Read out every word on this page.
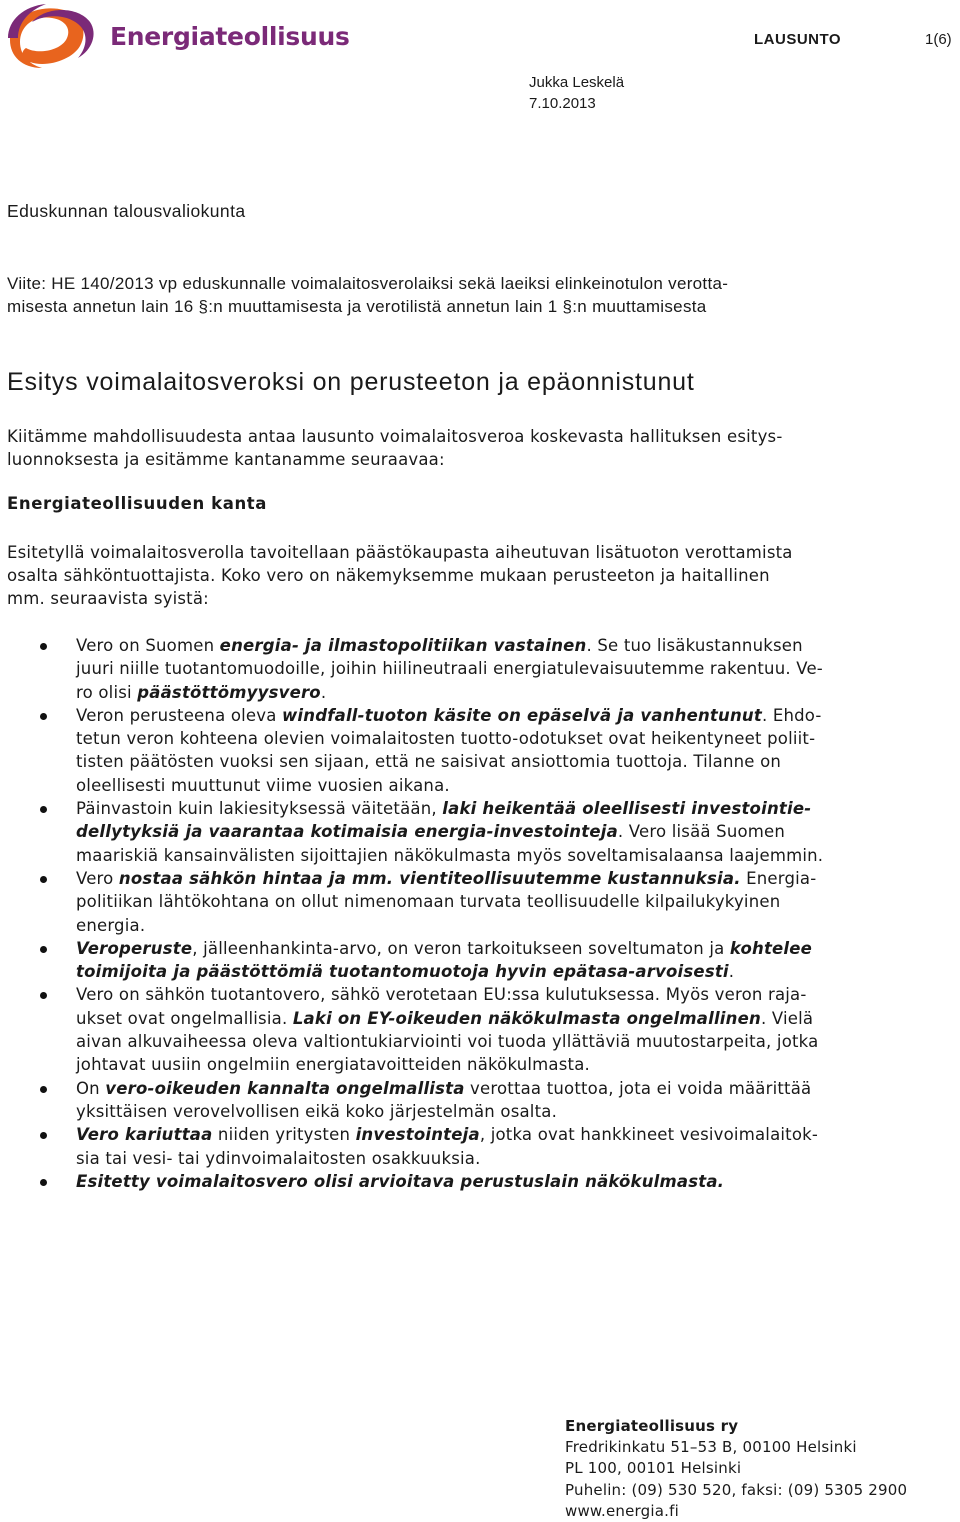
Energiateollisuus	LAUSUNTO	1(6)
Jukka Leskelä
7.10.2013
Eduskunnan talousvaliokunta

Viite: HE 140/2013 vp eduskunnalle voimalaitosverolaiksi sekä laeiksi elinkeinotulon verotta-

misesta annetun lain 16 §:n muuttamisesta ja verotilistä annetun lain 1 §:n muuttamisesta

Esitys voimalaitosveroksi on perusteeton ja epäonnistunut

Kiitämme mahdollisuudesta antaa lausunto voimalaitosveroa koskevasta hallituksen esitys-

luonnoksesta ja esitämme kantanamme seuraavaa:

Energiateollisuuden kanta

Esitetyllä voimalaitosverolla tavoitellaan päästökaupasta aiheutuvan lisätuoton verottamista

osalta sähköntuottajista. Koko vero on näkemyksemme mukaan perusteeton ja haitallinen

mm. seuraavista syistä:

Vero on Suomen energia- ja ilmastopolitiikan vastainen. Se tuo lisäkustannuksen
juuri niille tuotantomuodoille, joihin hiilineutraali energiatulevaisuutemme rakentuu. Ve-
ro olisi päästöttömyysvero.
Veron perusteena oleva windfall-tuoton käsite on epäselvä ja vanhentunut. Ehdo-
tetun veron kohteena olevien voimalaitosten tuotto-odotukset ovat heikentyneet poliit-
tisten päätösten vuoksi sen sijaan, että ne saisivat ansiottomia tuottoja. Tilanne on
oleellisesti muuttunut viime vuosien aikana.
Päinvastoin kuin lakiesityksessä väitetään, laki heikentää oleellisesti investointie-
dellytyksiä ja vaarantaa kotimaisia energia-investointeja. Vero lisää Suomen
maariskiä kansainvälisten sijoittajien näkökulmasta myös soveltamisalaansa laajemmin.
Vero nostaa sähkön hintaa ja mm. vientiteollisuutemme kustannuksia. Energia-
politiikan lähtökohtana on ollut nimenomaan turvata teollisuudelle kilpailukykyinen
energia.
Veroperuste, jälleenhankinta-arvo, on veron tarkoitukseen soveltumaton ja kohtelee
toimijoita ja päästöttömiä tuotantomuotoja hyvin epätasa-arvoisesti.
Vero on sähkön tuotantovero, sähkö verotetaan EU:ssa kulutuksessa. Myös veron raja-
ukset ovat ongelmallisia. Laki on EY-oikeuden näkökulmasta ongelmallinen. Vielä
aivan alkuvaiheessa oleva valtiontukiarviointi voi tuoda yllättäviä muutostarpeita, jotka
johtavat uusiin ongelmiin energiatavoitteiden näkökulmasta.
On vero-oikeuden kannalta ongelmallista verottaa tuottoa, jota ei voida määrittää
yksittäisen verovelvollisen eikä koko järjestelmän osalta.
Vero kariuttaa niiden yritysten investointeja, jotka ovat hankkineet vesivoimalaitok-
sia tai vesi- tai ydinvoimalaitosten osakkuuksia.
Esitetty voimalaitosvero olisi arvioitava perustuslain näkökulmasta.
Energiateollisuus ry
Fredrikinkatu 51–53 B, 00100 Helsinki
PL 100, 00101 Helsinki
Puhelin: (09) 530 520, faksi: (09) 5305 2900
www.energia.fi
